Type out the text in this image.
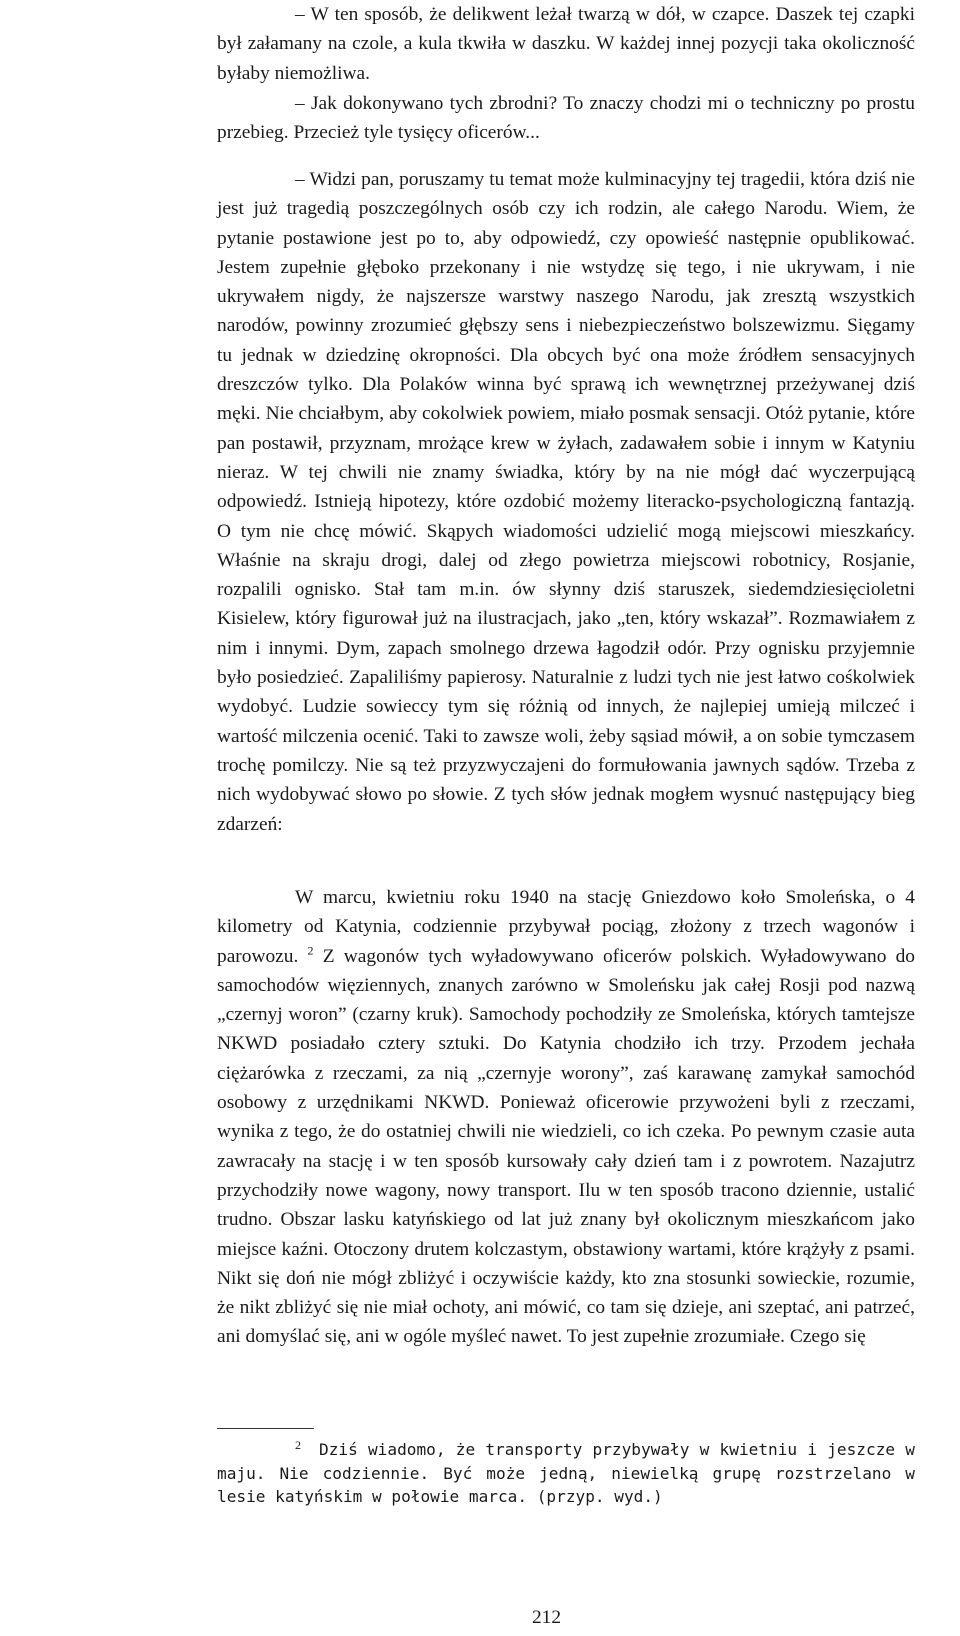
– W ten sposób, że delikwent leżał twarzą w dół, w czapce. Daszek tej czapki był załamany na czole, a kula tkwiła w daszku. W każdej innej pozycji taka okoliczność byłaby niemożliwa.

– Jak dokonywano tych zbrodni? To znaczy chodzi mi o techniczny po prostu przebieg. Przecież tyle tysięcy oficerów...

– Widzi pan, poruszamy tu temat może kulminacyjny tej tragedii, która dziś nie jest już tragedią poszczególnych osób czy ich rodzin, ale całego Narodu. Wiem, że pytanie postawione jest po to, aby odpowiedź, czy opowieść następnie opublikować. Jestem zupełnie głęboko przekonany i nie wstydzę się tego, i nie ukrywam, i nie ukrywałem nigdy, że najszersze warstwy naszego Narodu, jak zresztą wszystkich narodów, powinny zrozumieć głębszy sens i niebezpieczeństwo bolszewizmu. Sięgamy tu jednak w dziedzinę okropności. Dla obcych być ona może źródłem sensacyjnych dreszczów tylko. Dla Polaków winna być sprawą ich wewnętrznej przeżywanej dziś męki. Nie chciałbym, aby cokolwiek powiem, miało posmak sensacji. Otóż pytanie, które pan postawił, przyznam, mrożące krew w żyłach, zadawałem sobie i innym w Katyniu nieraz. W tej chwili nie znamy świadka, który by na nie mógł dać wyczerpującą odpowiedź. Istnieją hipotezy, które ozdobić możemy literacko-psychologiczną fantazją. O tym nie chcę mówić. Skąpych wiadomości udzielić mogą miejscowi mieszkańcy. Właśnie na skraju drogi, dalej od złego powietrza miejscowi robotnicy, Rosjanie, rozpalili ognisko. Stał tam m.in. ów słynny dziś staruszek, siedemdziesięcioletni Kisielew, który figurował już na ilustracjach, jako „ten, który wskazał”. Rozmawiałem z nim i innymi. Dym, zapach smolnego drzewa łagodził odór. Przy ognisku przyjemnie było posiedzieć. Zapaliliśmy papierosy. Naturalnie z ludzi tych nie jest łatwo cośkolwiek wydobyć. Ludzie sowieccy tym się różnią od innych, że najlepiej umieją milczeć i wartość milczenia ocenić. Taki to zawsze woli, żeby sąsiad mówił, a on sobie tymczasem trochę pomilczy. Nie są też przyzwyczajeni do formułowania jawnych sądów. Trzeba z nich wydobywać słowo po słowie. Z tych słów jednak mogłem wysnuć następujący bieg zdarzeń:

W marcu, kwietniu roku 1940 na stację Gniezdowo koło Smoleńska, o 4 kilometry od Katynia, codziennie przybywał pociąg, złożony z trzech wagonów i parowozu. $^2$ Z wagonów tych wyładowywano oficerów polskich. Wyładowywano do samochodów więziennych, znanych zarówno w Smoleńsku jak całej Rosji pod nazwą „czernyj woron” (czarny kruk). Samochody pochodziły ze Smoleńska, których tamtejsze NKWD posiadało cztery sztuki. Do Katynia chodziło ich trzy. Przodem jechała ciężarówka z rzeczami, za nią „czernyje worony”, zaś karawanę zamykał samochód osobowy z urzędnikami NKWD. Ponieważ oficerowie przywożeni byli z rzeczami, wynika z tego, że do ostatniej chwili nie wiedzieli, co ich czeka. Po pewnym czasie auta zawracały na stację i w ten sposób kursowały cały dzień tam i z powrotem. Nazajutrz przychodziły nowe wagony, nowy transport. Ilu w ten sposób tracono dziennie, ustalić trudno. Obszar lasku katyńskiego od lat już znany był okolicznym mieszkańcom jako miejsce kaźni. Otoczony drutem kolczastym, obstawiony wartami, które krążyły z psami. Nikt się doń nie mógł zbliżyć i oczywiście każdy, kto zna stosunki sowieckie, rozumie, że nikt zbliżyć się nie miał ochoty, ani mówić, co tam się dzieje, ani szeptać, ani patrzeć, ani domyślać się, ani w ogóle myśleć nawet. To jest zupełnie zrozumiałe. Czego się

$^2$ Dziś wiadomo, że transporty przybywały w kwietniu i jeszcze w maju. Nie codziennie. Być może jedną, niewielką grupę rozstrzelano w lesie katyńskim w połowie marca. (przyp. wyd.)

212
